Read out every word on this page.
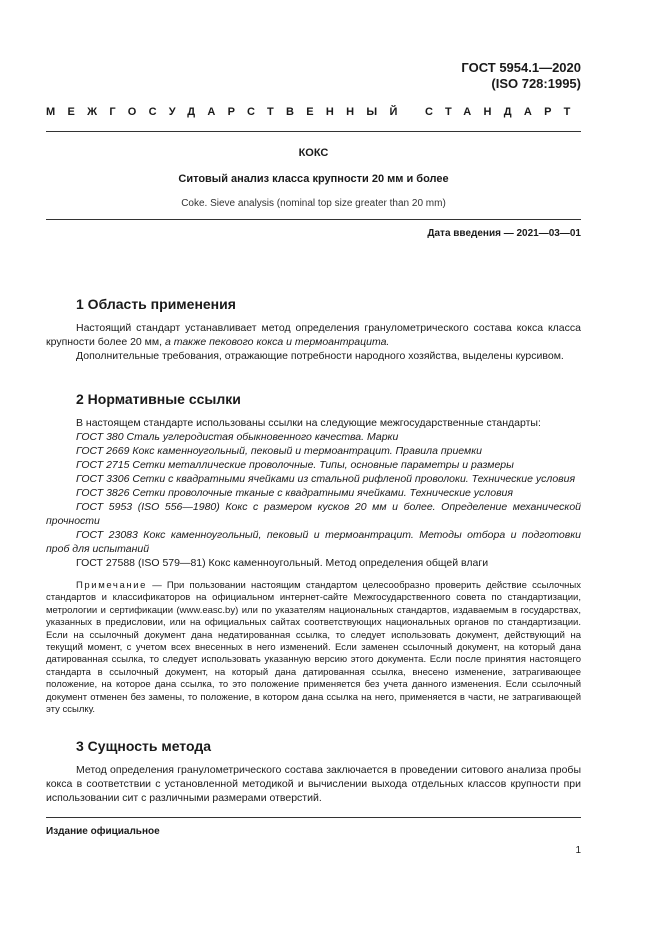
ГОСТ 5954.1—2020
(ISO 728:1995)
МЕЖГОСУДАРСТВЕННЫЙ СТАНДАРТ
КОКС
Ситовый анализ класса крупности 20 мм и более
Coke. Sieve analysis (nominal top size greater than 20 mm)
Дата введения — 2021—03—01
1 Область применения

Настоящий стандарт устанавливает метод определения гранулометрического состава кокса класса крупности более 20 мм, а также пекового кокса и термоантрацита.

Дополнительные требования, отражающие потребности народного хозяйства, выделены курсивом.

2 Нормативные ссылки

В настоящем стандарте использованы ссылки на следующие межгосударственные стандарты:

ГОСТ 380 Сталь углеродистая обыкновенного качества. Марки

ГОСТ 2669 Кокс каменноугольный, пековый и термоантрацит. Правила приемки

ГОСТ 2715 Сетки металлические проволочные. Типы, основные параметры и размеры

ГОСТ 3306 Сетки с квадратными ячейками из стальной рифленой проволоки. Технические условия

ГОСТ 3826 Сетки проволочные тканые с квадратными ячейками. Технические условия

ГОСТ 5953 (ISO 556—1980) Кокс с размером кусков 20 мм и более. Определение механической прочности

ГОСТ 23083 Кокс каменноугольный, пековый и термоантрацит. Методы отбора и подготовки проб для испытаний

ГОСТ 27588 (ISO 579—81) Кокс каменноугольный. Метод определения общей влаги

Примечание — При пользовании настоящим стандартом целесообразно проверить действие ссылочных стандартов и классификаторов на официальном интернет-сайте Межгосударственного совета по стандартизации, метрологии и сертификации (www.easc.by) или по указателям национальных стандартов, издаваемым в государствах, указанных в предисловии, или на официальных сайтах соответствующих национальных органов по стандартизации. Если на ссылочный документ дана недатированная ссылка, то следует использовать документ, действующий на текущий момент, с учетом всех внесенных в него изменений. Если заменен ссылочный документ, на который дана датированная ссылка, то следует использовать указанную версию этого документа. Если после принятия настоящего стандарта в ссылочный документ, на который дана датированная ссылка, внесено изменение, затрагивающее положение, на которое дана ссылка, то это положение применяется без учета данного изменения. Если ссылочный документ отменен без замены, то положение, в котором дана ссылка на него, применяется в части, не затрагивающей эту ссылку.

3 Сущность метода

Метод определения гранулометрического состава заключается в проведении ситового анализа пробы кокса в соответствии с установленной методикой и вычислении выхода отдельных классов крупности при использовании сит с различными размерами отверстий.

Издание официальное
1
